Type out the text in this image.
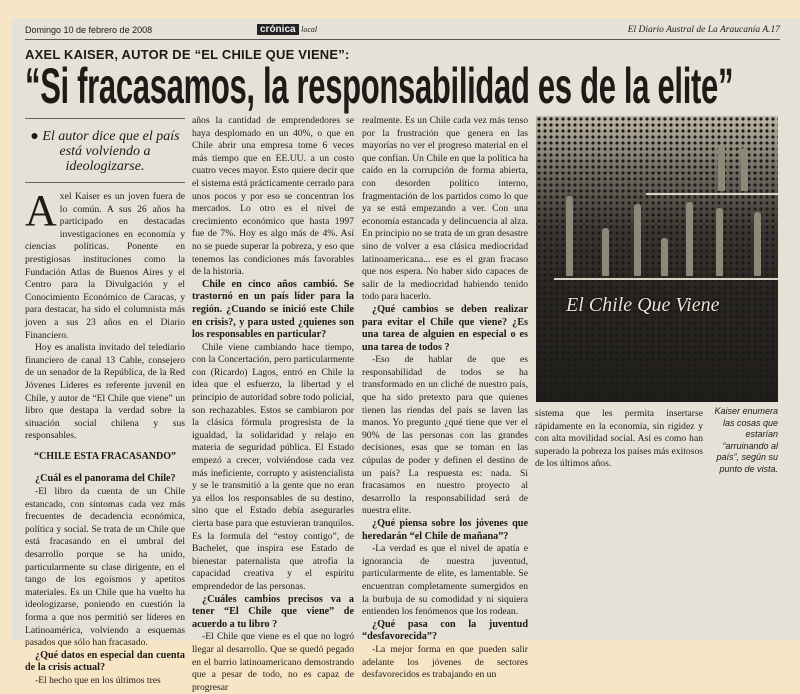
Domingo 10 de febrero de 2008	crónica local	El Diario Austral de La Araucanía A.17
AXEL KAISER, AUTOR DE “EL CHILE QUE VIENE”:
“Si fracasamos, la responsabilidad es de la elite”
● El autor dice que el país está volviendo a ideologizarse.

Axel Kaiser es un joven fuera de lo común. A sus 26 años ha participado en destacadas investigaciones en economía y ciencias políticas. Ponente en prestigiosas instituciones como la Fundación Atlas de Buenos Aires y el Centro para la Divulgación y el Conocimiento Económico de Caracas, y para destacar, ha sido el columnista más joven a sus 23 años en el Diario Financiero.

Hoy es analista invitado del telediario financiero de canal 13 Cable, consejero de un senador de la República, de la Red Jóvenes Líderes es referente juvenil en Chile, y autor de “El Chile que viene” un libro que destapa la verdad sobre la situación social chilena y sus responsables.

“CHILE ESTA FRACASANDO”

¿Cuál es el panorama del Chile?

-El libro da cuenta de un Chile estancado, con síntomas cada vez más frecuentes de decadencia económica, política y social. Se trata de un Chile que está fracasando en el umbral del desarrollo porque se ha unido, particularmente su clase dirigente, en el tango de los egoísmos y apetitos materiales. Es un Chile que ha vuelto ha ideologizarse, poniendo en cuestión la forma a que nos permitió ser líderes en Latinoamérica, volviendo a esquemas pasados que sólo han fracasado.

¿Qué datos en especial dan cuenta de la crisis actual?

-El hecho que en los últimos tres

años la cantidad de emprendedores se haya desplomado en un 40%, o que en Chile abrir una empresa tome 6 veces más tiempo que en EE.UU. a un costo cuatro veces mayor. Esto quiere decir que el sistema está prácticamente cerrado para unos pocos y por eso se concentran los mercados. Lo otro es el nivel de crecimiento económico que hasta 1997 fue de 7%. Hoy es algo más de 4%. Así no se puede superar la pobreza, y eso que tenemos las condiciones más favorables de la historia.

Chile en cinco años cambió. Se trastornó en un país líder para la región. ¿Cuando se inició este Chile en crisis?, y para usted ¿quienes son los responsables en particular?

Chile viene cambiando hace tiempo, con la Concertación, pero particularmente con (Ricardo) Lagos, entró en Chile la idea que el esfuerzo, la libertad y el principio de autoridad sobre todo policial, son rechazables. Estos se cambiaron por la clásica fórmula progresista de la igualdad, la solidaridad y relajo en materia de seguridad pública. El Estado empezó a crecer, volviéndose cada vez más ineficiente, corrupto y asistencialista y se le transmitió a la gente que no eran ya ellos los responsables de su destino, sino que el Estado debía asegurarles cierta base para que estuvieran tranquilos. Es la formula del “estoy contigo”, de Bachelet, que inspira ese Estado de bienestar paternalista que atrofia la capacidad creativa y el espíritu emprendedor de las personas.

¿Cuáles cambios precisos va a tener “El Chile que viene” de acuerdo a tu libro ?

-El Chile que viene es el que no logró llegar al desarrollo. Que se quedó pegado en el barrio latinoamericano demostrando que a pesar de todo, no es capaz de progresar

realmente. Es un Chile cada vez más tenso por la frustración que genera en las mayorías no ver el progreso material en el que confían. Un Chile en que la política ha caído en la corrupción de forma abierta, con desorden político interno, fragmentación de los partidos como lo que ya se está empezando a ver. Con una economía estancada y delincuencia al alza. En principio no se trata de un gran desastre sino de volver a esa clásica mediocridad latinoamericana... ese es el gran fracaso que nos espera. No haber sido capaces de salir de la mediocridad habiendo tenido todo para hacerlo.

¿Qué cambios se deben realizar para evitar el Chile que viene? ¿Es una tarea de alguien en especial o es una tarea de todos ?

-Eso de hablar de que es responsabilidad de todos se ha transformado en un cliché de nuestro país, que ha sido pretexto para que quienes tienen las riendas del país se laven las manos. Yo pregunto ¿qué tiene que ver el 90% de las personas con las grandes decisiones, esas que se toman en las cúpulas de poder y definen el destino de un país? La respuesta es: nada. Si fracasamos en nuestro proyecto al desarrollo la responsabilidad será de nuestra elite.

¿Qué piensa sobre los jóvenes que heredarán “el Chile de mañana”?

-La verdad es que el nivel de apatía e ignorancia de nuestra juventud, particularmente de elite, es lamentable. Se encuentran completamente sumergidos en la burbuja de su comodidad y ni siquiera entienden los fenómenos que los rodean.

¿Qué pasa con la juventud “desfavorecida”?

-La mejor forma en que pueden salir adelante los jóvenes de sectores desfavorecidos es trabajando en un

El Chile Que Viene

sistema que les permita insertarse rápidamente en la economía, sin rigidez y con alta movilidad social. Así es como han superado la pobreza los países más exitosos de los últimos años.

Kaiser enumera las cosas que estarían “arruinando al país”, según su punto de vista.
